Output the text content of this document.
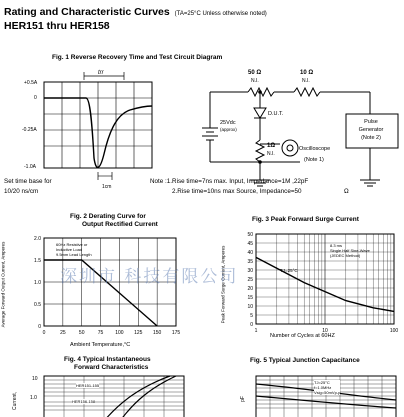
Rating and Characteristic Curves (TA=25°C Unless otherwise noted)
HER151 thru HER158
Fig. 1 Reverse Recovery Time and Test Circuit Diagram
trr
+0.5A
0
-0.25A
-1.0A
50 Ω
N.I.
10 Ω
N.I.
D.U.T.
25Vdc
(approx)
1Ω
N.I.
Oscilloscope
(Note 1)
Pulse
Generator
(Note 2)
Set time base for
10/20 ns/cm
1cm
Note :1.Rise time=7ns max. Input, Impedance=1M ,22pF
2.Rise time=10ns max Source, Impedance=50	Ω
Fig. 2 Derating Curve for
Output Rectified Current
0	25	50	75 100 125 150 175
0
0.5
1.0
1.5
2.0
60Hz Resistive or
Inductive Load
9.5mm Lead Length
Average Forward Output Current, Amperes
Ambient Temperature,°C
Fig. 3 Peak Forward Surge Current
1	10	100
0
5
10
15
20
25
30
35
40
45
50
8.3 ms
Single Half Sine-Wave
(JEDEC Method)
TJ=25°C
Peak Forward Surge Current, Amperes
Number of Cycles at 60HZ
深圳市 科技有限公司
Fig. 4 Typical Instantaneous
Forward Characteristics
10
1.0
Current,
HER151-155
HER156-158
Fig. 5 Typical Junction Capacitance
TJ=25°C
f=1.0MHz
Vsig=50mVp-p
pF
